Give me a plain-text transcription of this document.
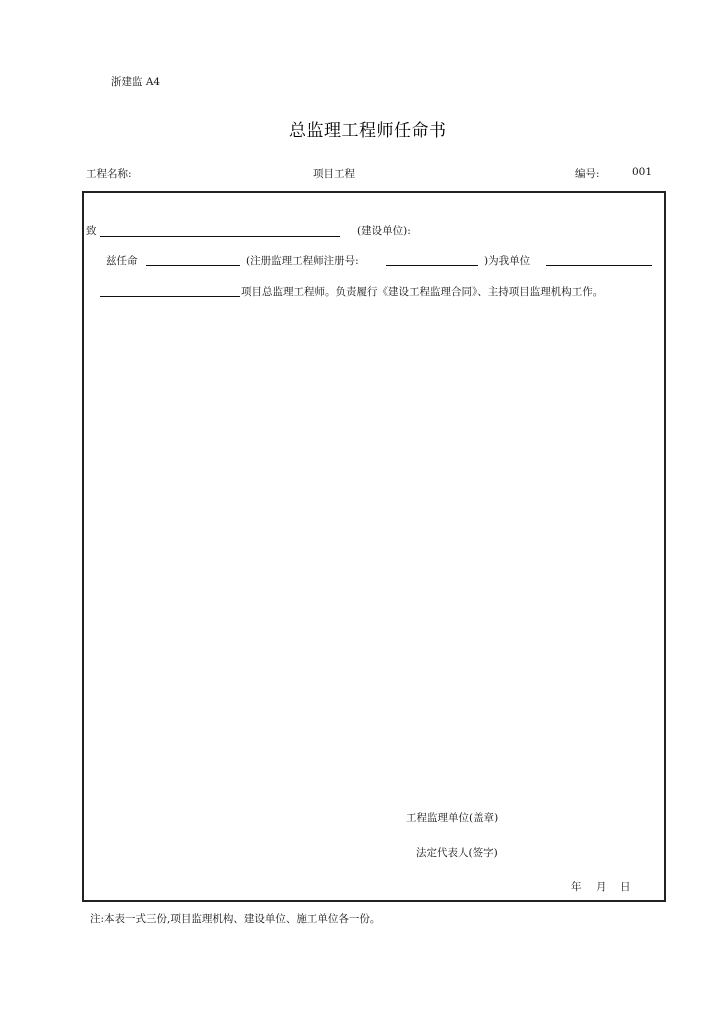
浙建监 A4
总监理工程师任命书
工程名称:	项目工程	编号:	001
致	(建设单位):
兹任命	(注册监理工程师注册号:	)为我单位
项目总监理工程师。负责履行《建设工程监理合同》、主持项目监理机构工作。
工程监理单位(盖章)
法定代表人(签字)
年 月 日
注:本表一式三份,项目监理机构、建设单位、施工单位各一份。
